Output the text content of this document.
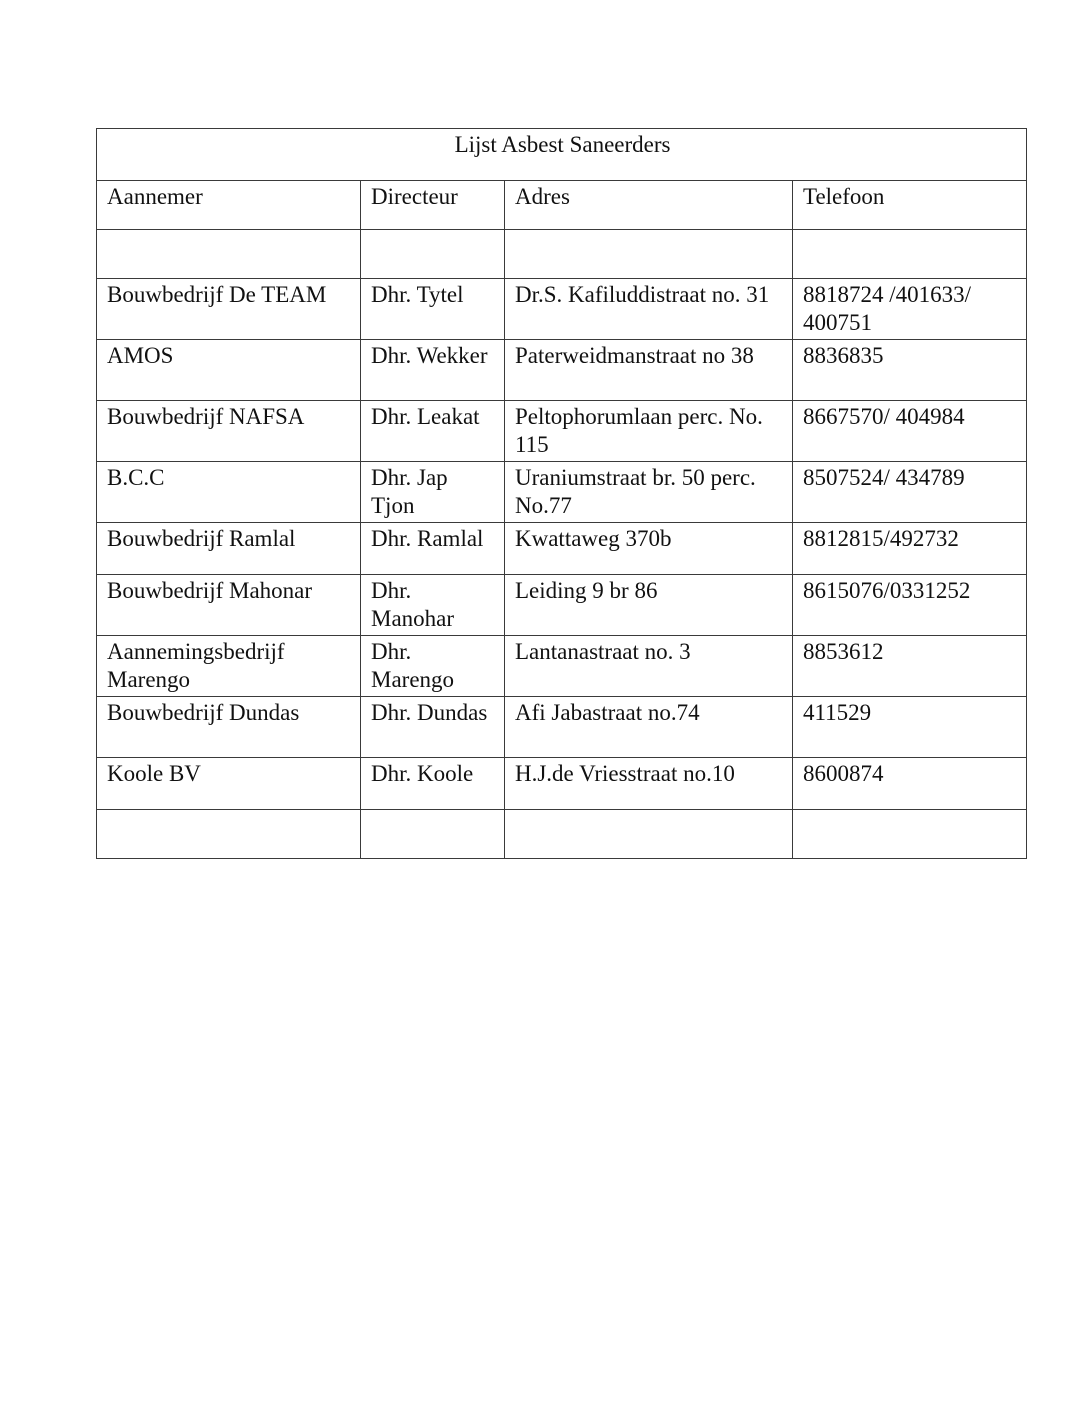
Lijst Asbest Saneerders			
Aannemer	Directeur	Adres	Telefoon

Bouwbedrijf De TEAM	Dhr. Tytel	Dr.S. Kafiluddistraat no. 31	8818724 /401633/ 400751
AMOS	Dhr. Wekker	Paterweidmanstraat no 38	8836835
Bouwbedrijf NAFSA	Dhr. Leakat	Peltophorumlaan perc. No. 115	8667570/ 404984
B.C.C	Dhr. Jap Tjon	Uraniumstraat br. 50 perc. No.77	8507524/ 434789
Bouwbedrijf Ramlal	Dhr. Ramlal	Kwattaweg 370b	8812815/492732
Bouwbedrijf Mahonar	Dhr. Manohar	Leiding 9 br 86	8615076/0331252
Aannemingsbedrijf Marengo	Dhr. Marengo	Lantanastraat no. 3	8853612
Bouwbedrijf Dundas	Dhr. Dundas	Afi Jabastraat no.74	411529
Koole BV	Dhr. Koole	H.J.de Vriesstraat no.10	8600874
